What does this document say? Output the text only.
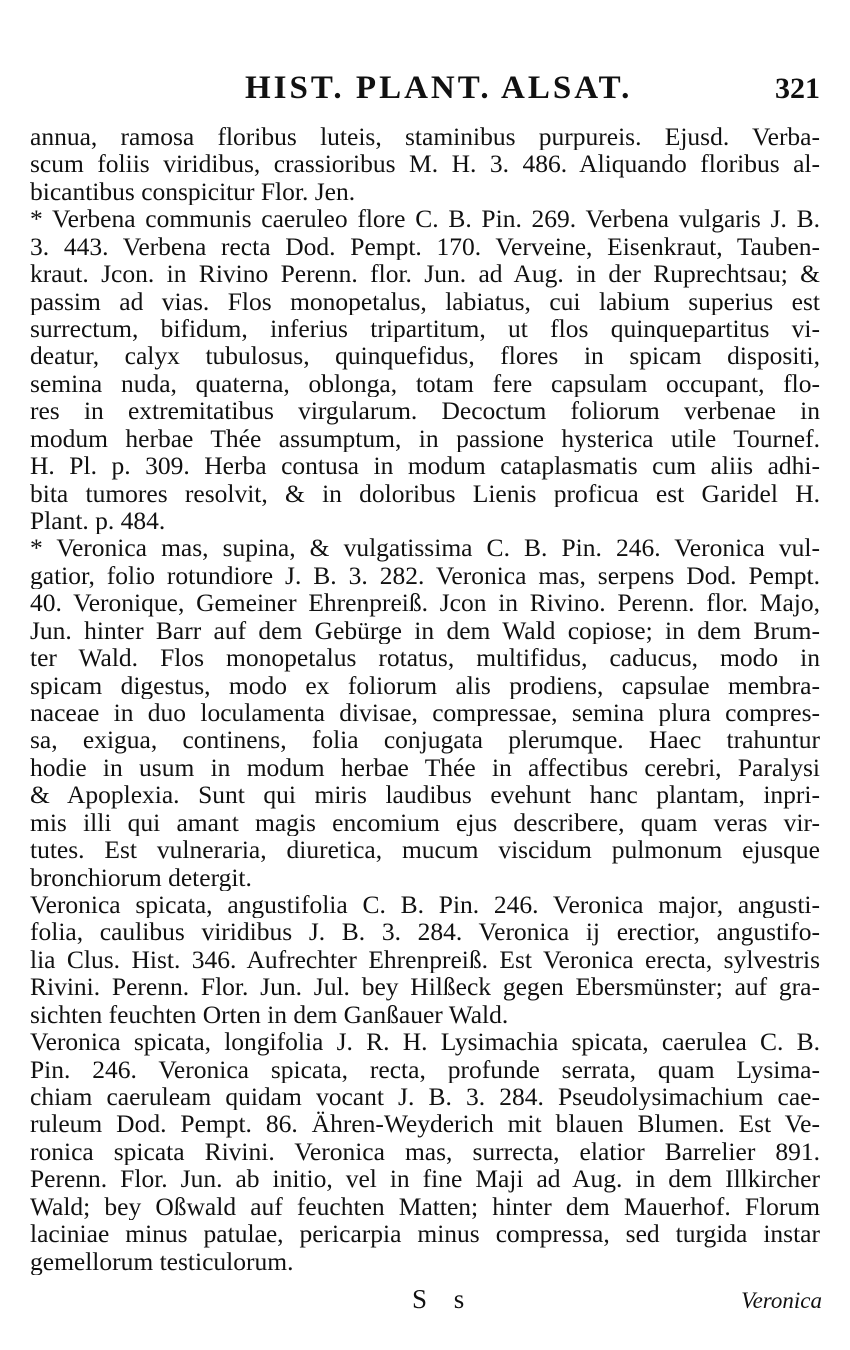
HIST. PLANT. ALSAT.	321
annua, ramosa floribus luteis, staminibus purpureis. Ejusd. Verba-
scum foliis viridibus, crassioribus M. H. 3. 486. Aliquando floribus al-
bicantibus conspicitur Flor. Jen.
* Verbena communis caeruleo flore C. B. Pin. 269. Verbena vulgaris J. B.
3. 443. Verbena recta Dod. Pempt. 170. Verveine, Eisenkraut, Tauben-
kraut. Jcon. in Rivino Perenn. flor. Jun. ad Aug. in der Ruprechtsau; &
passim ad vias. Flos monopetalus, labiatus, cui labium superius est
surrectum, bifidum, inferius tripartitum, ut flos quinquepartitus vi-
deatur, calyx tubulosus, quinquefidus, flores in spicam dispositi,
semina nuda, quaterna, oblonga, totam fere capsulam occupant, flo-
res in extremitatibus virgularum. Decoctum foliorum verbenae in
modum herbae Thée assumptum, in passione hysterica utile Tournef.
H. Pl. p. 309. Herba contusa in modum cataplasmatis cum aliis adhi-
bita tumores resolvit, & in doloribus Lienis proficua est Garidel H.
Plant. p. 484.
* Veronica mas, supina, & vulgatissima C. B. Pin. 246. Veronica vul-
gatior, folio rotundiore J. B. 3. 282. Veronica mas, serpens Dod. Pempt.
40. Veronique, Gemeiner Ehrenpreiß. Jcon in Rivino. Perenn. flor. Majo,
Jun. hinter Barr auf dem Gebürge in dem Wald copiose; in dem Brum-
ter Wald. Flos monopetalus rotatus, multifidus, caducus, modo in
spicam digestus, modo ex foliorum alis prodiens, capsulae membra-
naceae in duo loculamenta divisae, compressae, semina plura compres-
sa, exigua, continens, folia conjugata plerumque. Haec trahuntur
hodie in usum in modum herbae Thée in affectibus cerebri, Paralysi
& Apoplexia. Sunt qui miris laudibus evehunt hanc plantam, inpri-
mis illi qui amant magis encomium ejus describere, quam veras vir-
tutes. Est vulneraria, diuretica, mucum viscidum pulmonum ejusque
bronchiorum detergit.
Veronica spicata, angustifolia C. B. Pin. 246. Veronica major, angusti-
folia, caulibus viridibus J. B. 3. 284. Veronica ij erectior, angustifo-
lia Clus. Hist. 346. Aufrechter Ehrenpreiß. Est Veronica erecta, sylvestris
Rivini. Perenn. Flor. Jun. Jul. bey Hilßeck gegen Ebersmünster; auf gra-
sichten feuchten Orten in dem Ganßauer Wald.
Veronica spicata, longifolia J. R. H. Lysimachia spicata, caerulea C. B.
Pin. 246. Veronica spicata, recta, profunde serrata, quam Lysima-
chiam caeruleam quidam vocant J. B. 3. 284. Pseudolysimachium cae-
ruleum Dod. Pempt. 86. Ähren-Weyderich mit blauen Blumen. Est Ve-
ronica spicata Rivini. Veronica mas, surrecta, elatior Barrelier 891.
Perenn. Flor. Jun. ab initio, vel in fine Maji ad Aug. in dem Illkircher
Wald; bey Oßwald auf feuchten Matten; hinter dem Mauerhof. Florum
laciniae minus patulae, pericarpia minus compressa, sed turgida instar
gemellorum testiculorum.
S s	Veronica
